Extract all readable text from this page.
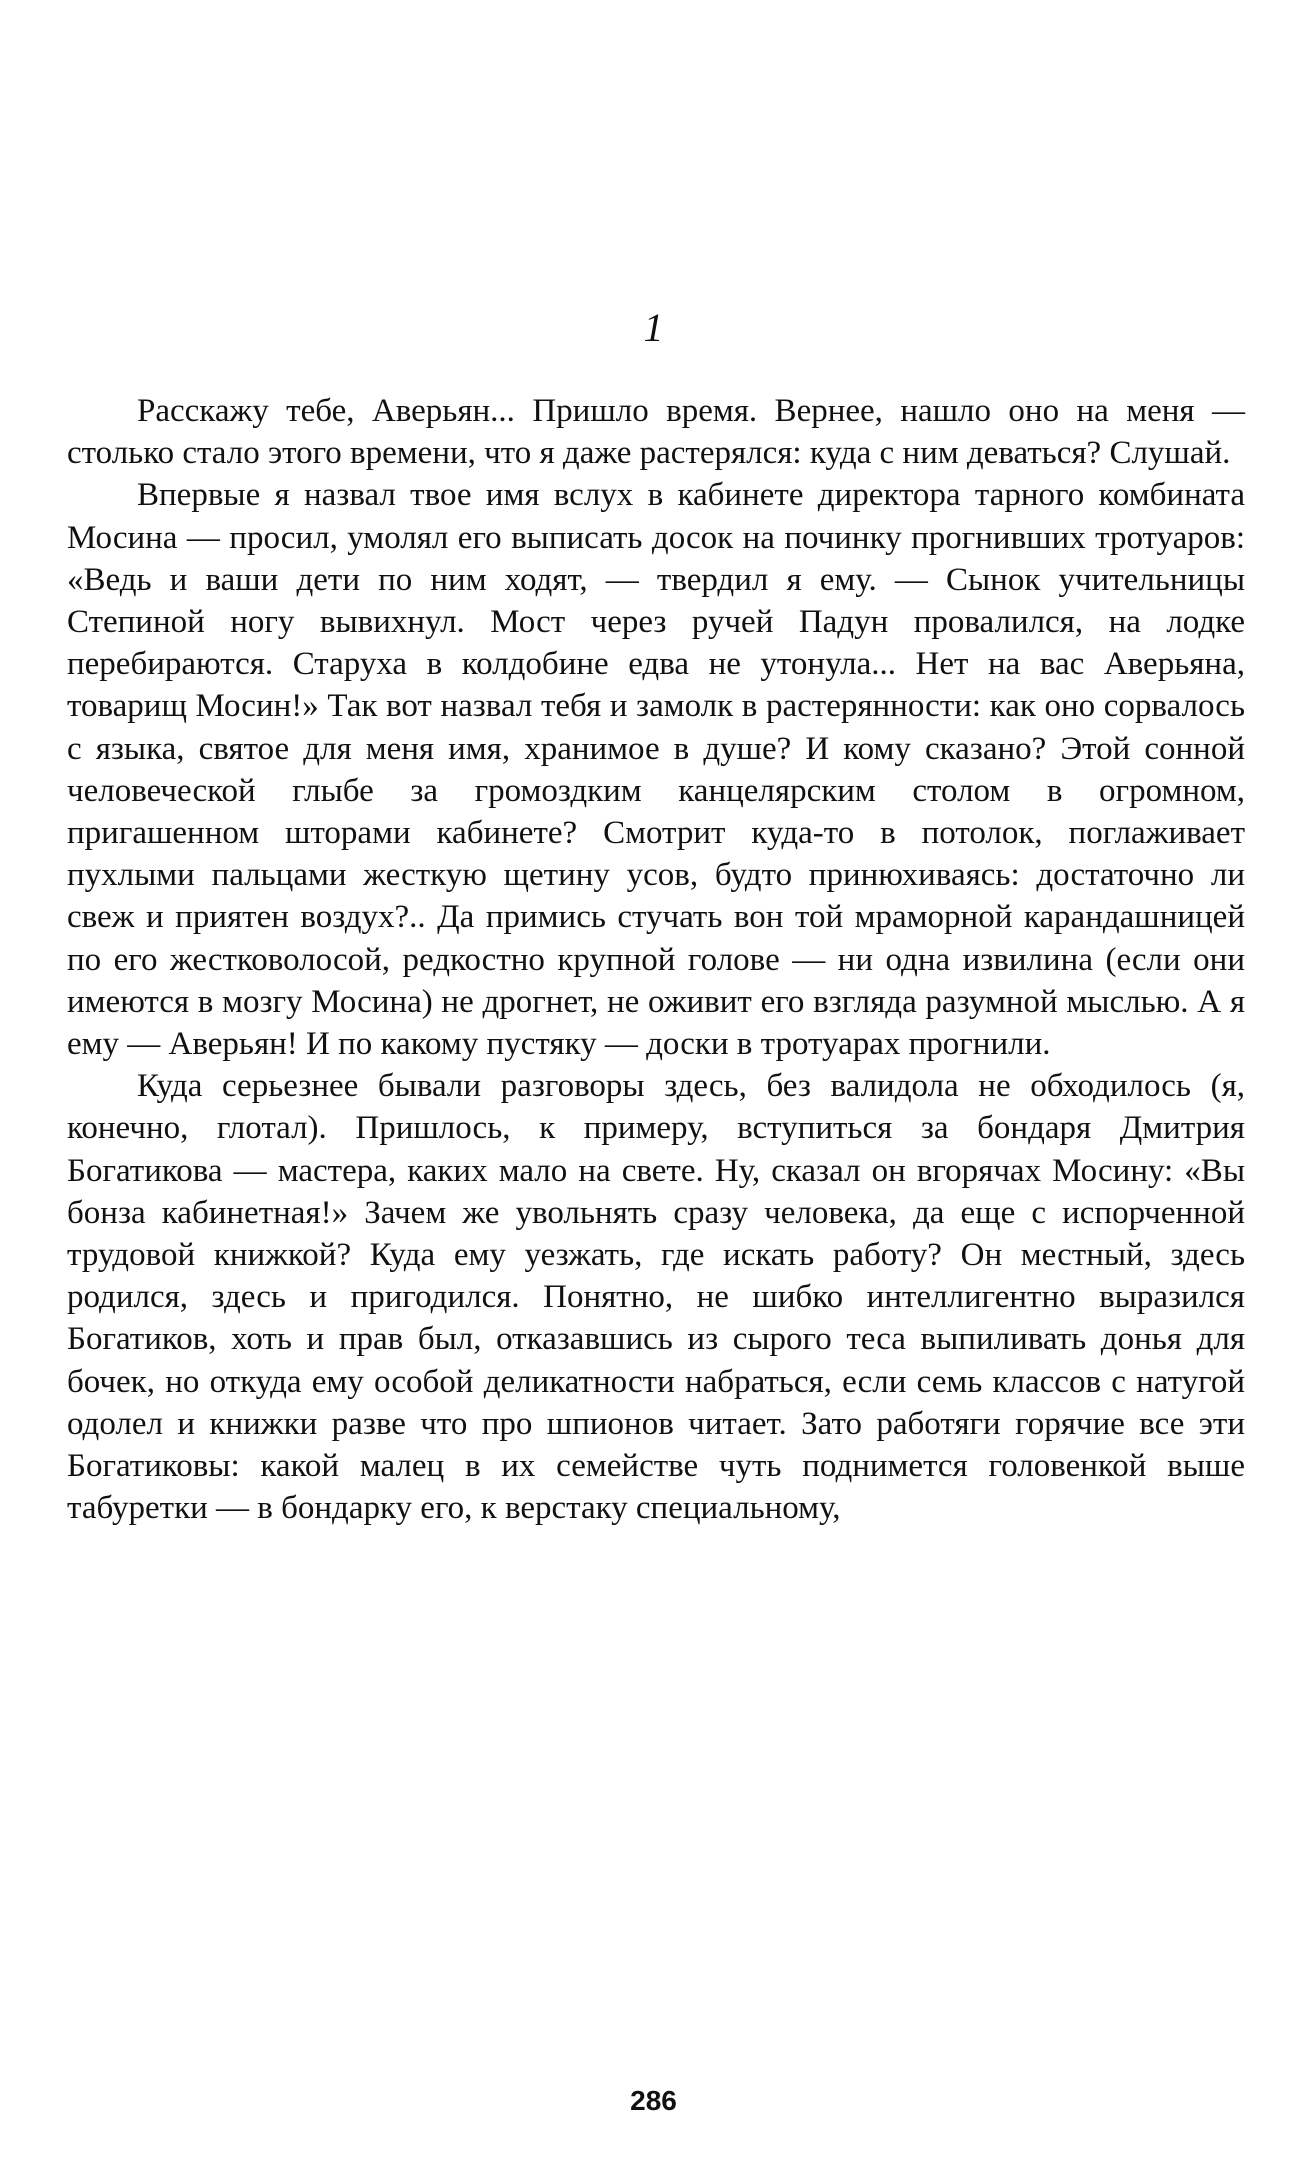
1

Расскажу тебе, Аверьян... Пришло время. Вернее, нашло оно на меня — столько стало этого времени, что я даже растерялся: куда с ним деваться? Слушай.

Впервые я назвал твое имя вслух в кабинете директора тарного комбината Мосина — просил, умолял его выписать досок на починку прогнивших тротуаров: «Ведь и ваши дети по ним ходят, — твердил я ему. — Сынок учительницы Степиной ногу вывихнул. Мост через ручей Падун провалился, на лодке перебираются. Старуха в колдобине едва не утонула... Нет на вас Аверьяна, товарищ Мосин!» Так вот назвал тебя и замолк в растерянности: как оно сорвалось с языка, святое для меня имя, хранимое в душе? И кому сказано? Этой сонной человеческой глыбе за громоздким канцелярским столом в огромном, пригашенном шторами кабинете? Смотрит куда-то в потолок, поглаживает пухлыми пальцами жесткую щетину усов, будто принюхиваясь: достаточно ли свеж и приятен воздух?.. Да примись стучать вон той мраморной карандашницей по его жестковолосой, редкостно крупной голове — ни одна извилина (если они имеются в мозгу Мосина) не дрогнет, не оживит его взгляда разумной мыслью. А я ему — Аверьян! И по какому пустяку — доски в тротуарах прогнили.

Куда серьезнее бывали разговоры здесь, без валидола не обходилось (я, конечно, глотал). Пришлось, к примеру, вступиться за бондаря Дмитрия Богатикова — мастера, каких мало на свете. Ну, сказал он вгорячах Мосину: «Вы бонза кабинетная!» Зачем же увольнять сразу человека, да еще с испорченной трудовой книжкой? Куда ему уезжать, где искать работу? Он местный, здесь родился, здесь и пригодился. Понятно, не шибко интеллигентно выразился Богатиков, хоть и прав был, отказавшись из сырого теса выпиливать донья для бочек, но откуда ему особой деликатности набраться, если семь классов с натугой одолел и книжки разве что про шпионов читает. Зато работяги горячие все эти Богатиковы: какой малец в их семействе чуть поднимется головенкой выше табуретки — в бондарку его, к верстаку специальному,

286
